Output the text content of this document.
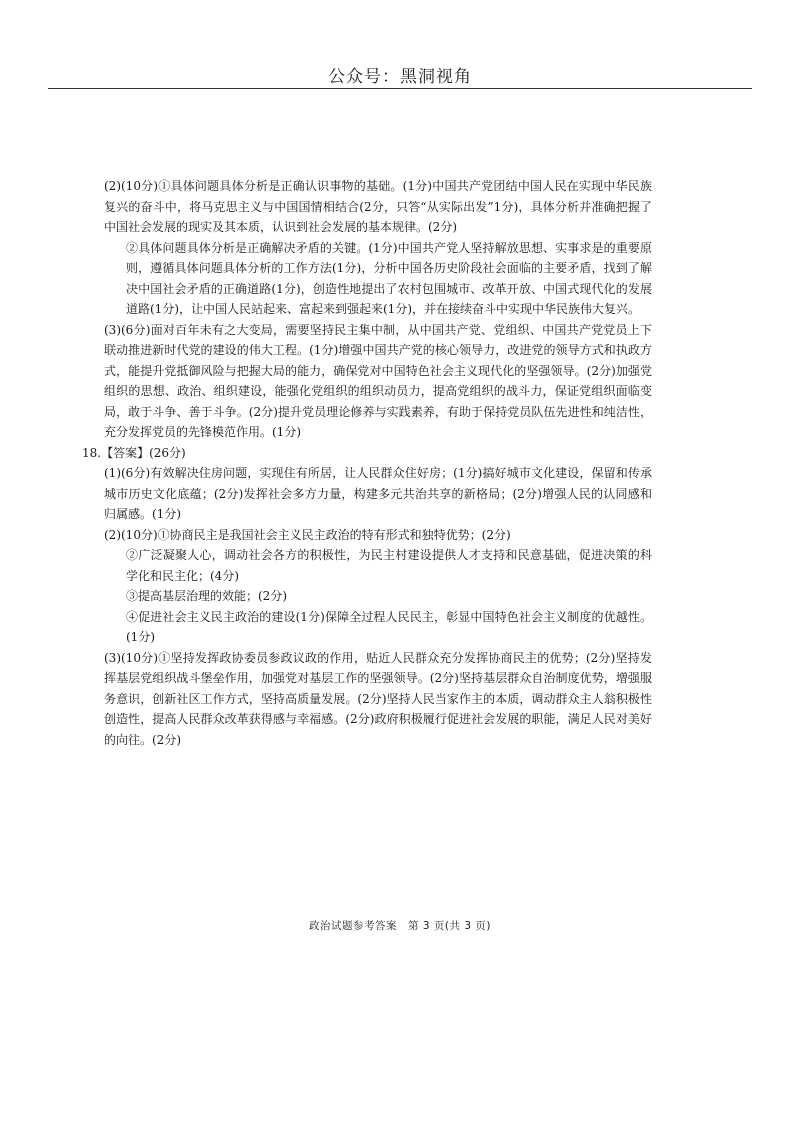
公众号：黑洞视角
(2)(10分)①具体问题具体分析是正确认识事物的基础。(1分)中国共产党团结中国人民在实现中华民族复兴的奋斗中，将马克思主义与中国国情相结合(2分，只答“从实际出发”1分)，具体分析并准确把握了中国社会发展的现实及其本质，认识到社会发展的基本规律。(2分)
②具体问题具体分析是正确解决矛盾的关键。(1分)中国共产党人坚持解放思想、实事求是的重要原则，遵循具体问题具体分析的工作方法(1分)，分析中国各历史阶段社会面临的主要矛盾，找到了解决中国社会矛盾的正确道路(1分)，创造性地提出了农村包围城市、改革开放、中国式现代化的发展道路(1分)，让中国人民站起来、富起来到强起来(1分)，并在接续奋斗中实现中华民族伟大复兴。
(3)(6分)面对百年未有之大变局，需要坚持民主集中制，从中国共产党、党组织、中国共产党党员上下联动推进新时代党的建设的伟大工程。(1分)增强中国共产党的核心领导力，改进党的领导方式和执政方式，能提升党抵御风险与把握大局的能力，确保党对中国特色社会主义现代化的坚强领导。(2分)加强党组织的思想、政治、组织建设，能强化党组织的组织动员力，提高党组织的战斗力，保证党组织面临变局，敢于斗争、善于斗争。(2分)提升党员理论修养与实践素养，有助于保持党员队伍先进性和纯洁性，充分发挥党员的先锋模范作用。(1分)
18.【答案】(26分)
(1)(6分)有效解决住房问题，实现住有所居，让人民群众住好房；(1分)搞好城市文化建设，保留和传承城市历史文化底蕴；(2分)发挥社会多方力量，构建多元共治共享的新格局；(2分)增强人民的认同感和归属感。(1分)
(2)(10分)①协商民主是我国社会主义民主政治的特有形式和独特优势；(2分)
②广泛凝聚人心，调动社会各方的积极性，为民主村建设提供人才支持和民意基础，促进决策的科学化和民主化；(4分)
③提高基层治理的效能；(2分)
④促进社会主义民主政治的建设(1分)保障全过程人民民主，彰显中国特色社会主义制度的优越性。(1分)
(3)(10分)①坚持发挥政协委员参政议政的作用，贴近人民群众充分发挥协商民主的优势；(2分)坚持发挥基层党组织战斗堡垒作用，加强党对基层工作的坚强领导。(2分)坚持基层群众自治制度优势，增强服务意识，创新社区工作方式，坚持高质量发展。(2分)坚持人民当家作主的本质，调动群众主人翁积极性创造性，提高人民群众改革获得感与幸福感。(2分)政府积极履行促进社会发展的职能，满足人民对美好的向往。(2分)
政治试题参考答案　第 3 页(共 3 页)
